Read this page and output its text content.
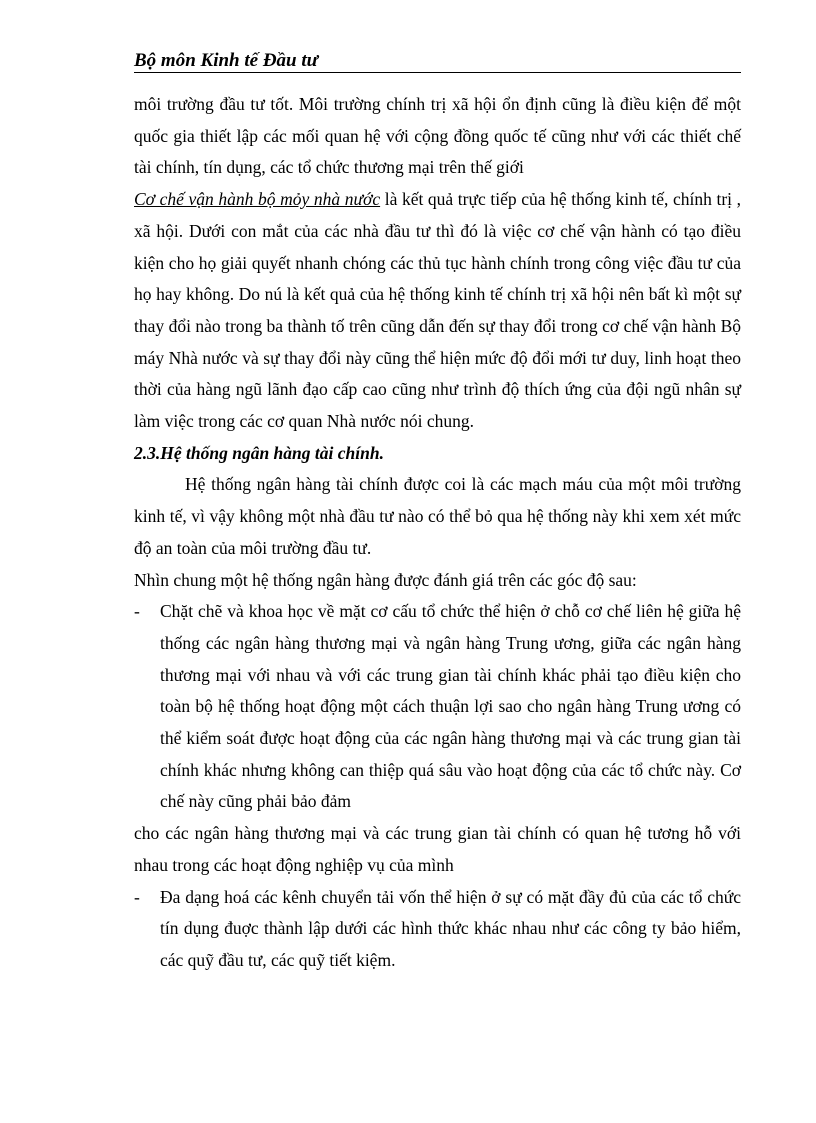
Bộ môn Kinh tế Đầu tư

môi trường đầu tư tốt. Môi trường chính trị xã hội ổn định cũng là điều kiện để một quốc gia thiết lập các mối quan hệ với cộng đồng quốc tế cũng như với các thiết chế tài chính, tín dụng, các tổ chức thương mại trên thế giới

Cơ chế vận hành bộ mỏy nhà nước là kết quả trực tiếp của hệ thống kinh tế, chính trị , xã hội. Dưới con mắt của các nhà đầu tư thì đó là việc cơ chế vận hành có tạo điều kiện cho họ giải quyết nhanh chóng các thủ tục hành chính trong công việc đầu tư của họ hay không. Do nú là kết quả của hệ thống kinh tế chính trị xã hội nên bất kì một sự thay đổi nào trong ba thành tố trên cũng dẫn đến sự thay đổi trong cơ chế vận hành Bộ máy Nhà nước và sự thay đổi này cũng thể hiện mức độ đổi mới tư duy, linh hoạt theo thời của hàng ngũ lãnh đạo cấp cao cũng như trình độ thích ứng của đội ngũ nhân sự làm việc trong các cơ quan Nhà nước nói chung.

2.3.Hệ thống ngân hàng tài chính.

Hệ thống ngân hàng tài chính được coi là các mạch máu của một môi trường kinh tế, vì vậy không một nhà đầu tư nào có thể bỏ qua hệ thống này khi xem xét mức độ an toàn của môi trường đầu tư.

Nhìn chung một hệ thống ngân hàng được đánh giá trên các góc độ sau:

- Chặt chẽ và khoa học về mặt cơ cấu tổ chức thể hiện ở chỗ cơ chế liên hệ giữa hệ thống các ngân hàng thương mại và ngân hàng Trung ương, giữa các ngân hàng thương mại với nhau và với các trung gian tài chính khác phải tạo điều kiện cho toàn bộ hệ thống hoạt động một cách thuận lợi sao cho ngân hàng Trung ương có thể kiểm soát được hoạt động của các ngân hàng thương mại và các trung gian tài chính khác nhưng không can thiệp quá sâu vào hoạt động của các tổ chức này. Cơ chế này cũng phải bảo đảm

cho các ngân hàng thương mại và các trung gian tài chính có quan hệ tương hỗ với nhau trong các hoạt động nghiệp vụ của mình

- Đa dạng hoá các kênh chuyển tải vốn thể hiện ở sự có mặt đầy đủ của các tổ chức tín dụng đuợc thành lập dưới các hình thức khác nhau như các công ty bảo hiểm, các quỹ đầu tư, các quỹ tiết kiệm.
